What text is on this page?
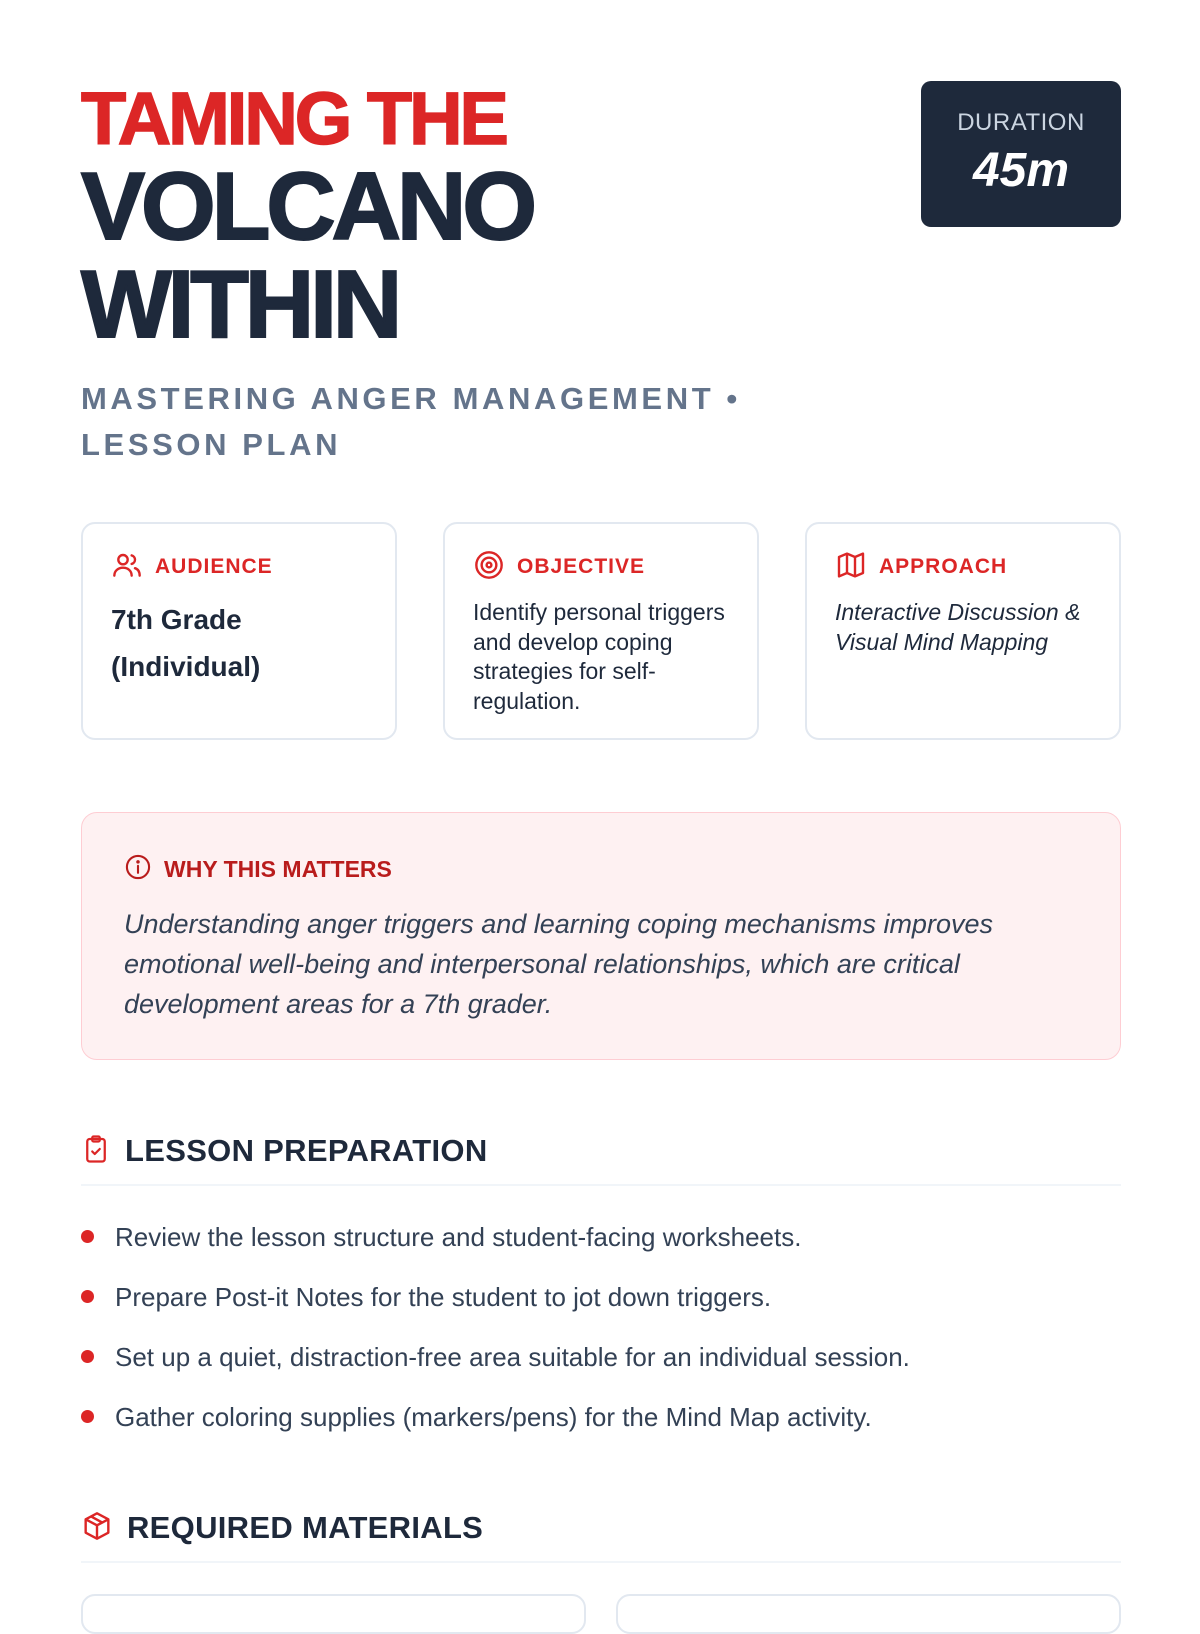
TAMING THE
VOLCANO
WITHIN
MASTERING ANGER MANAGEMENT • LESSON PLAN
DURATION
45m
AUDIENCE
7th Grade (Individual)
OBJECTIVE
Identify personal triggers and develop coping strategies for self-regulation.
APPROACH
Interactive Discussion & Visual Mind Mapping
WHY THIS MATTERS
Understanding anger triggers and learning coping mechanisms improves emotional well-being and interpersonal relationships, which are critical development areas for a 7th grader.
LESSON PREPARATION
Review the lesson structure and student-facing worksheets.
Prepare Post-it Notes for the student to jot down triggers.
Set up a quiet, distraction-free area suitable for an individual session.
Gather coloring supplies (markers/pens) for the Mind Map activity.
REQUIRED MATERIALS
